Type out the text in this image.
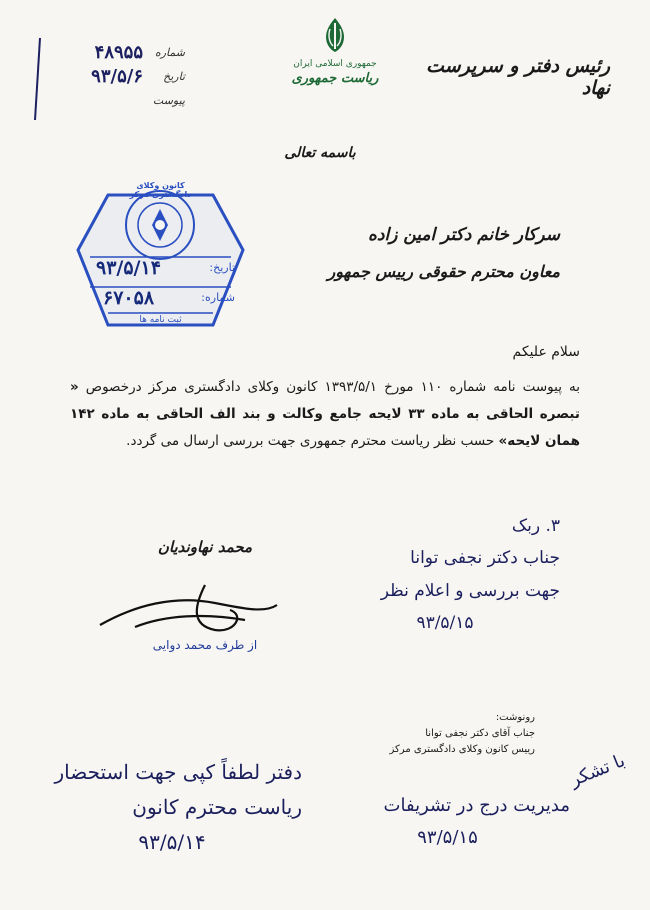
رئیس دفتر و سرپرست نهاد
جمهوری اسلامی ایران
ریاست جمهوری
شماره
۴۸۹۵۵
تاریخ
۹۳/۵/۶
پیوست
باسمه تعالی
کانون وکلای دادگستری مرکز
تاریخ:
۹۳/۵/۱۴
شماره:
۶۷۰۵۸
ثبت نامه ها
سرکار خانم دکتر امین زاده
معاون محترم حقوقی رییس جمهور
سلام علیکم
به پیوست نامه شماره ۱۱۰ مورخ ۱۳۹۳/۵/۱ کانون وکلای دادگستری مرکز درخصوص « تبصره الحاقی به ماده ۳۳ لایحه جامع وکالت و بند الف الحاقی به ماده ۱۴۲ همان لایحه» حسب نظر ریاست محترم جمهوری جهت بررسی ارسال می گردد.
محمد نهاوندیان
از طرف محمد دوایی
۳. ربک
جناب دکتر نجفی توانا
جهت بررسی و اعلام نظر
۹۳/۵/۱۵
رونوشت:
جناب آقای دکتر نجفی توانا
رییس کانون وکلای دادگستری مرکز
دفتر لطفاً کپی جهت استحضار
ریاست محترم کانون
۹۳/۵/۱۴
با تشکر
مدیریت درج در تشریفات
۹۳/۵/۱۵
